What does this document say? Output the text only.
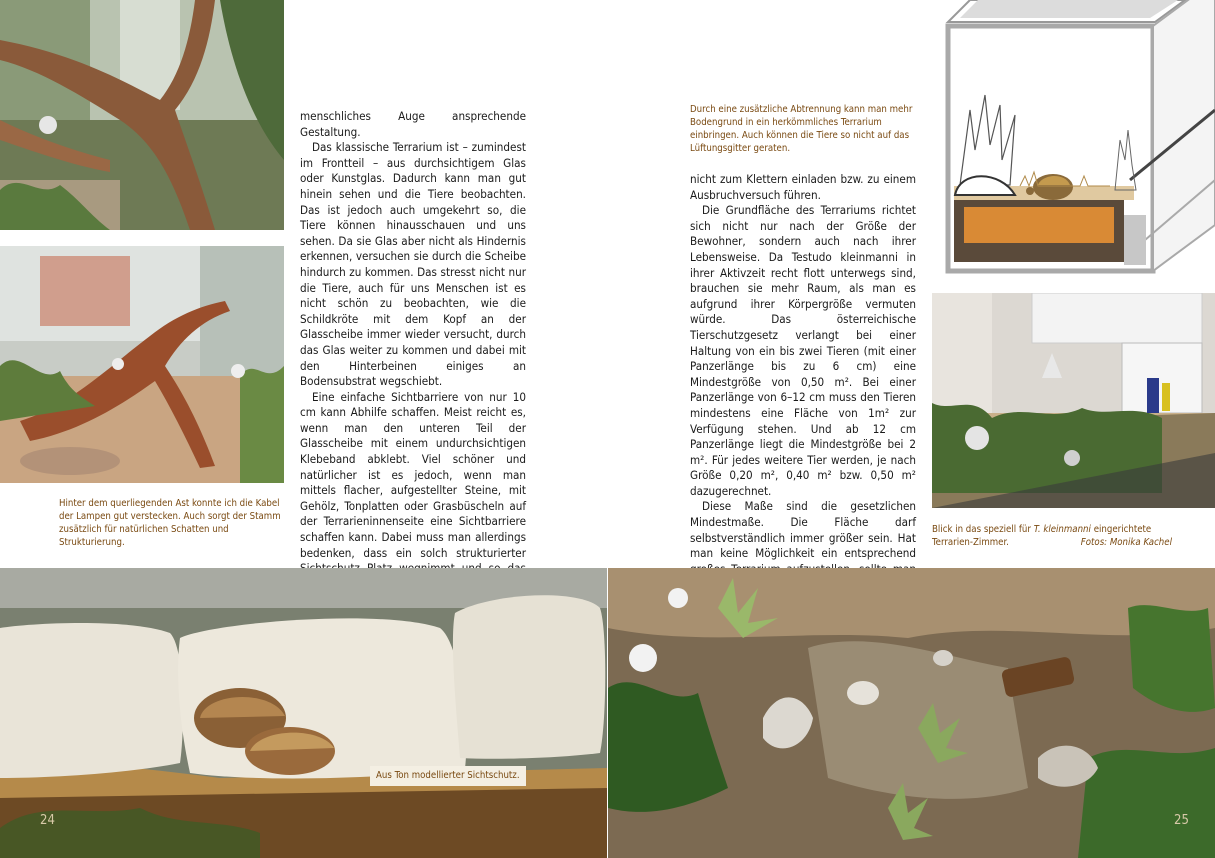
Hinter dem querliegenden Ast konnte ich die Kabel der Lampen gut verstecken. Auch sorgt der Stamm zusätzlich für natürlichen Schatten und Strukturierung.

menschliches Auge ansprechende Gestaltung.

Das klassische Terrarium ist – zumindest im Frontteil – aus durchsichtigem Glas oder Kunstglas. Dadurch kann man gut hinein sehen und die Tiere beobachten. Das ist jedoch auch umgekehrt so, die Tiere können hinausschauen und uns sehen. Da sie Glas aber nicht als Hindernis erkennen, versuchen sie durch die Scheibe hindurch zu kommen. Das stresst nicht nur die Tiere, auch für uns Menschen ist es nicht schön zu beobachten, wie die Schildkröte mit dem Kopf an der Glasscheibe immer wieder versucht, durch das Glas weiter zu kommen und dabei mit den Hinterbeinen einiges an Bodensubstrat wegschiebt.

Eine einfache Sichtbarriere von nur 10 cm kann Abhilfe schaffen. Meist reicht es, wenn man den unteren Teil der Glasscheibe mit einem undurchsichtigen Klebeband abklebt. Viel schöner und natürlicher ist es jedoch, wenn man mittels flacher, aufgestellter Steine, mit Gehölz, Tonplatten oder Grasbüscheln auf der Terrarieninnenseite eine Sichtbarriere schaffen kann. Dabei muss man allerdings bedenken, dass ein solch strukturierter

Durch eine zusätzliche Abtrennung kann man mehr Bodengrund in ein herkömmliches Terrarium einbringen. Auch können die Tiere so nicht auf das Lüftungsgitter geraten.

nicht zum Klettern einladen bzw. zu einem Ausbruchversuch führen.

Die Grundfläche des Terrariums richtet sich nicht nur nach der Größe der Bewohner, sondern auch nach ihrer Lebensweise. Da Testudo kleinmanni in ihrer Aktivzeit recht flott unterwegs sind, brauchen sie mehr Raum, als man es aufgrund ihrer Körpergröße vermuten würde. Das österreichische Tierschutzgesetz verlangt bei einer Haltung von ein bis zwei Tieren (mit einer Panzerlänge bis zu 6 cm) eine Mindestgröße von 0,50 m². Bei einer Panzerlänge von 6–12 cm muss den Tieren mindestens eine Fläche von 1m² zur Verfügung stehen. Und ab 12 cm Panzerlänge liegt die Mindestgröße bei 2 m². Für jedes weitere Tier werden, je nach Größe 0,20 m², 0,40 m² bzw. 0,50 m² dazugerechnet.

Diese Maße sind die gesetzlichen Mindestmaße. Die Fläche darf selbstverständlich immer größer sein. Hat man keine Möglichkeit ein entsprechend

Blick in das speziell für T. kleinmanni eingerichtete Terrarien-Zimmer.	Fotos: Monika Kachel
Aus Ton modellierter Sichtschutz.
24	25
